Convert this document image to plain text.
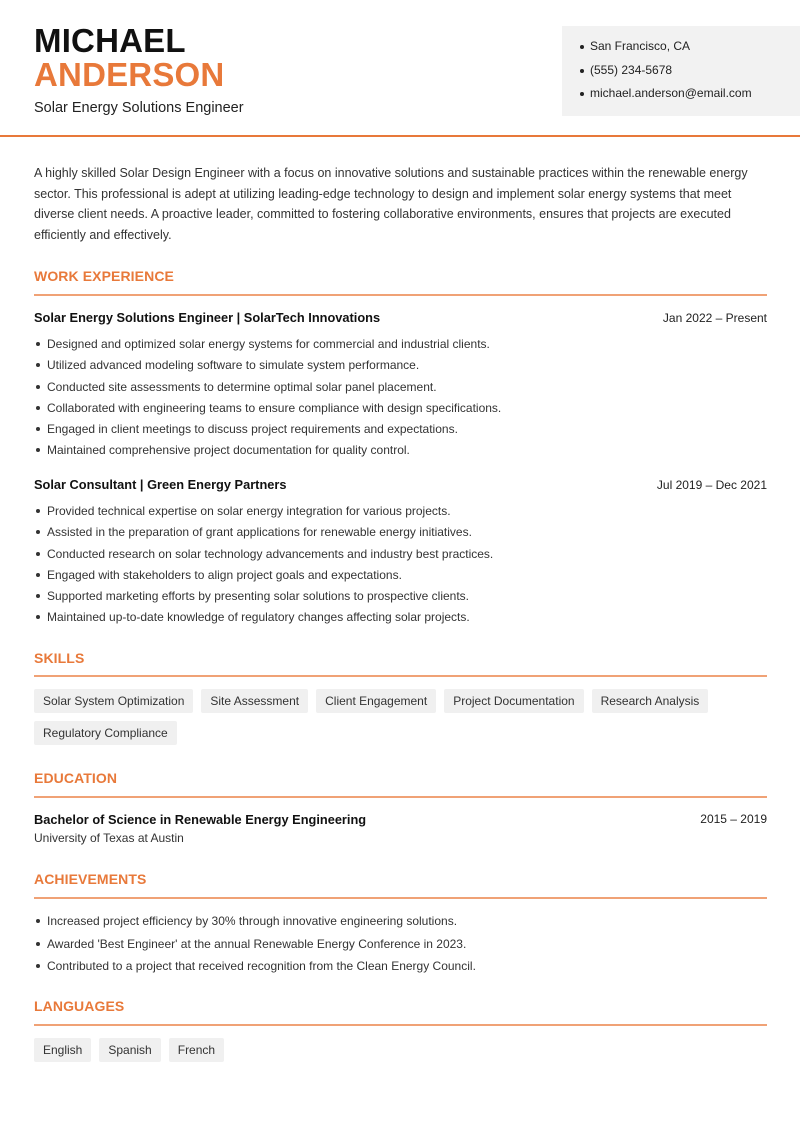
MICHAEL
ANDERSON
Solar Energy Solutions Engineer
San Francisco, CA
(555) 234-5678
michael.anderson@email.com

A highly skilled Solar Design Engineer with a focus on innovative solutions and sustainable practices within the renewable energy sector. This professional is adept at utilizing leading-edge technology to design and implement solar energy systems that meet diverse client needs. A proactive leader, committed to fostering collaborative environments, ensures that projects are executed efficiently and effectively.

WORK EXPERIENCE
Solar Energy Solutions Engineer | SolarTech Innovations	Jan 2022 – Present
Designed and optimized solar energy systems for commercial and industrial clients.
Utilized advanced modeling software to simulate system performance.
Conducted site assessments to determine optimal solar panel placement.
Collaborated with engineering teams to ensure compliance with design specifications.
Engaged in client meetings to discuss project requirements and expectations.
Maintained comprehensive project documentation for quality control.
Solar Consultant | Green Energy Partners	Jul 2019 – Dec 2021
Provided technical expertise on solar energy integration for various projects.
Assisted in the preparation of grant applications for renewable energy initiatives.
Conducted research on solar technology advancements and industry best practices.
Engaged with stakeholders to align project goals and expectations.
Supported marketing efforts by presenting solar solutions to prospective clients.
Maintained up-to-date knowledge of regulatory changes affecting solar projects.
SKILLS
Solar System Optimization	Site Assessment	Client Engagement	Project Documentation	Research Analysis
Regulatory Compliance
EDUCATION
Bachelor of Science in Renewable Energy Engineering	2015 – 2019
University of Texas at Austin
ACHIEVEMENTS
Increased project efficiency by 30% through innovative engineering solutions.
Awarded 'Best Engineer' at the annual Renewable Energy Conference in 2023.
Contributed to a project that received recognition from the Clean Energy Council.
LANGUAGES
English	Spanish	French
